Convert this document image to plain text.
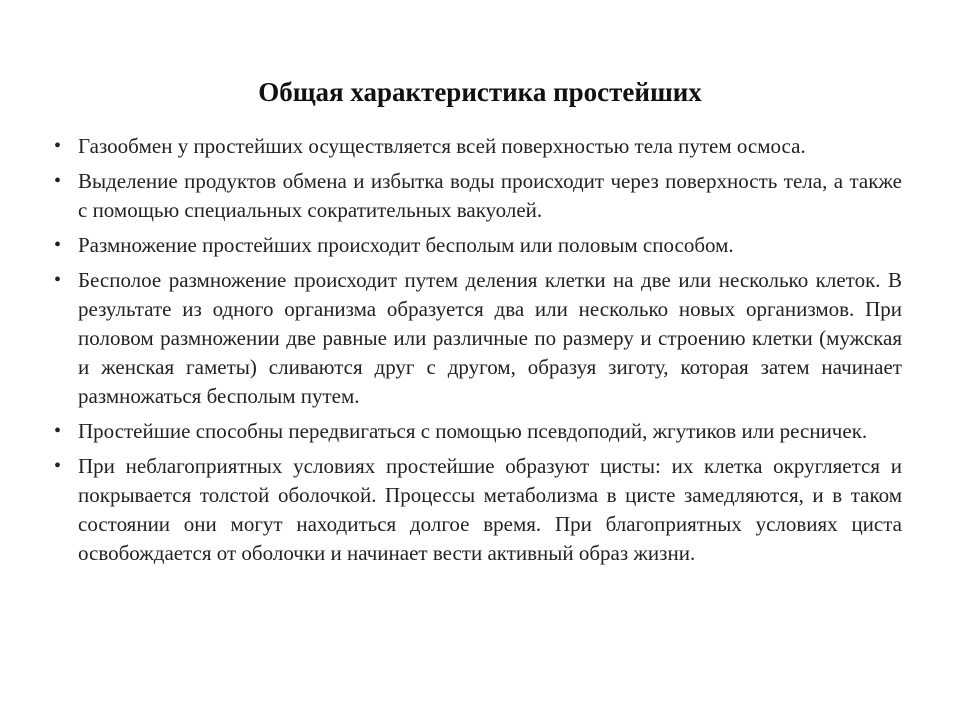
Общая характеристика простейших
• Газообмен у простейших осуществляется всей поверхностью тела путем осмоса.
• Выделение продуктов обмена и избытка воды происходит через поверхность тела, а также с помощью специальных сократительных вакуолей.
• Размножение простейших происходит бесполым или половым способом.
• Бесполое размножение происходит путем деления клетки на две или несколько клеток. В результате из одного организма образуется два или несколько новых организмов. При половом размножении две равные или различные по размеру и строению клетки (мужская и женская гаметы) сливаются друг с другом, образуя зиготу, которая затем начинает размножаться бесполым путем.
• Простейшие способны передвигаться с помощью псевдоподий, жгутиков или ресничек.
• При неблагоприятных условиях простейшие образуют цисты: их клетка округляется и покрывается толстой оболочкой. Процессы метаболизма в цисте замедляются, и в таком состоянии они могут находиться долгое время. При благоприятных условиях циста освобождается от оболочки и начинает вести активный образ жизни.
